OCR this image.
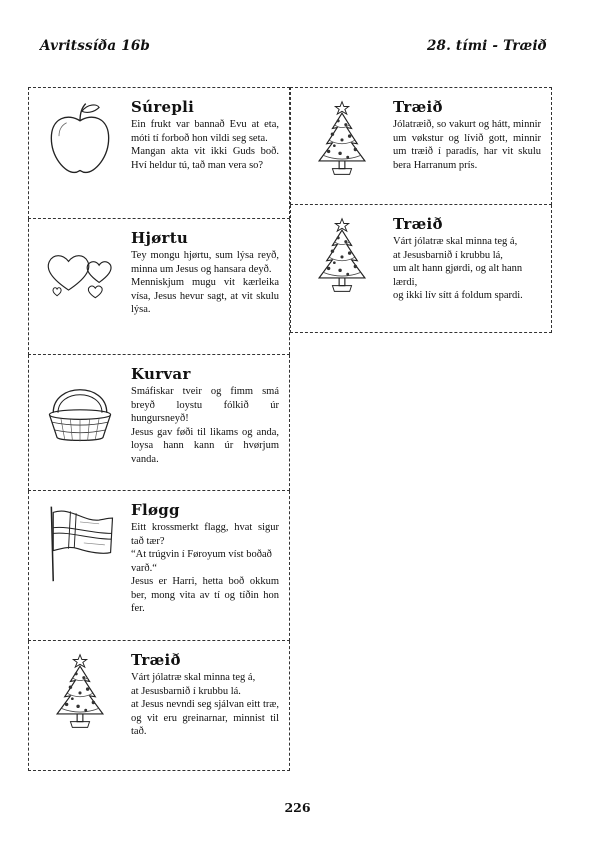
Avritssíða 16b	28. tími - Træið
Súrepli

Ein frukt var bannað Evu at eta, móti tí forboð hon vildi seg seta.

Mangan akta vit ikki Guds boð. Hví heldur tú, tað man vera so?

Hjørtu

Tey mongu hjørtu, sum lýsa reyð, minna um Jesus og hansara deyð.

Menniskjum mugu vit kærleika vísa, Jesus hevur sagt, at vit skulu lýsa.

Kurvar

Smáfiskar tveir og fimm smá breyð loystu fólkið úr hungursneyð!

Jesus gav føði til likams og anda, loysa hann kann úr hvørjum vanda.

Fløgg

Eitt krossmerkt flagg, hvat sigur tað tær?

“At trúgvin í Føroyum víst boðað varð.“

Jesus er Harri, hetta boð okkum ber, mong vita av tí og tíðin hon fer.

Træið

Várt jólatræ skal minna teg á,

at Jesusbarnið í krubbu lá.

at Jesus nevndi seg sjálvan eitt træ, og vit eru greinarnar, minnist til tað.

Træið

Jólatræið, so vakurt og hátt, minnir um vøkstur og lívið gott, minnir um træið í paradís, har vit skulu bera Harranum prís.

Træið

Várt jólatræ skal minna teg á,

at Jesusbarnið í krubbu lá,

um alt hann gjørdi, og alt hann lærdi,

og ikki lív sítt á foldum spardi.

226
